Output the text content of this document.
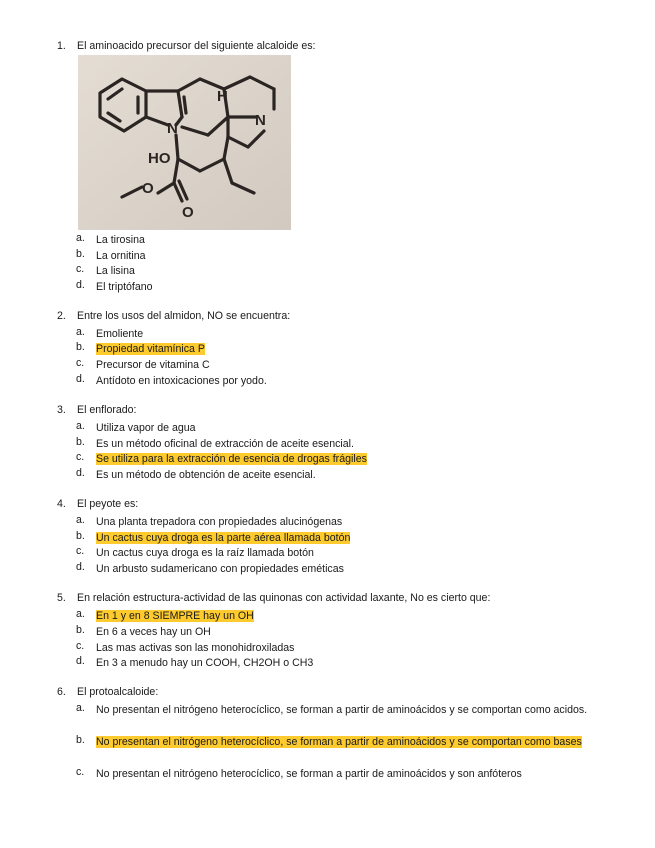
1.	El aminoacido precursor del siguiente alcaloide es:
H
N
N
HO
O
O
a. La tirosina
b. La ornitina
c. La lisina
d. El triptófano
2.	Entre los usos del almidon, NO se encuentra:
a. Emoliente
b. Propiedad vitamínica P
c. Precursor de vitamina C
d. Antídoto en intoxicaciones por yodo.
3.	El enflorado:
a. Utiliza vapor de agua
b. Es un método oficinal de extracción de aceite esencial.
c. Se utiliza para la extracción de esencia de drogas frágiles
d. Es un método de obtención de aceite esencial.
4.	El peyote es:
a. Una planta trepadora con propiedades alucinógenas
b. Un cactus cuya droga es la parte aérea llamada botón
c. Un cactus cuya droga es la raíz llamada botón
d. Un arbusto sudamericano con propiedades eméticas
5.	En relación estructura-actividad de las quinonas con actividad laxante, No es cierto que:
a. En 1 y en 8 SIEMPRE hay un OH
b. En 6 a veces hay un OH
c. Las mas activas son las monohidroxiladas
d. En 3 a menudo hay un COOH, CH2OH o CH3
6.	El protoalcaloide:
a. No presentan el nitrógeno heterocíclico, se forman a partir de aminoácidos y se comportan como acidos.
b. No presentan el nitrógeno heterocíclico, se forman a partir de aminoácidos y se comportan como bases
c. No presentan el nitrógeno heterocíclico, se forman a partir de aminoácidos y son anfóteros
